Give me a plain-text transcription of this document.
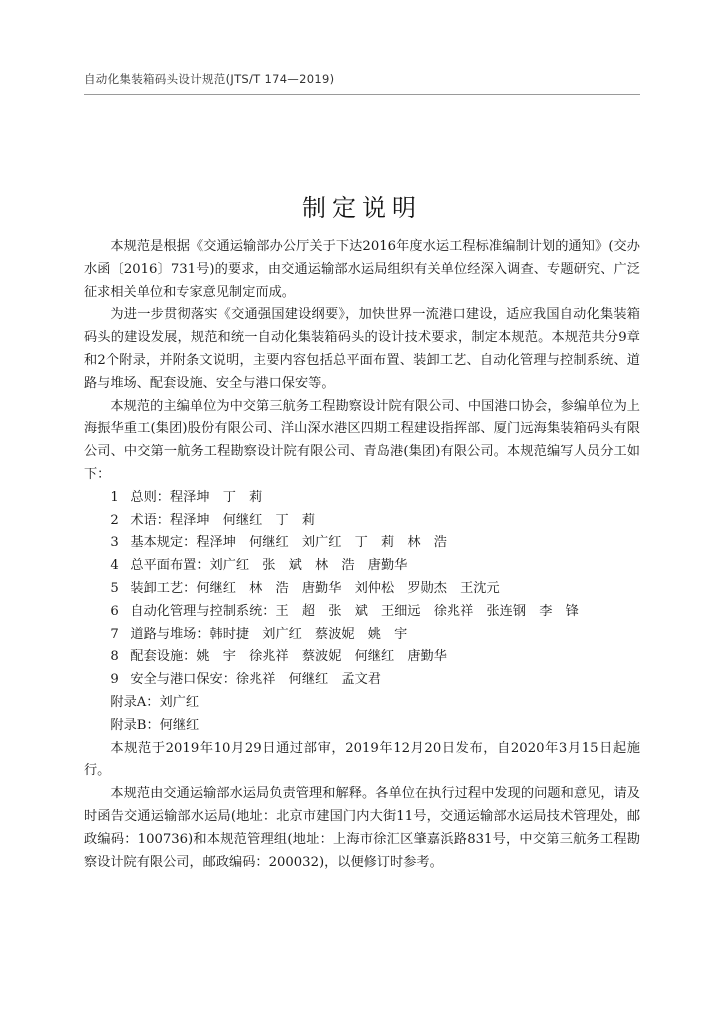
自动化集装箱码头设计规范(JTS/T 174—2019)
制定说明

本规范是根据《交通运输部办公厅关于下达2016年度水运工程标准编制计划的通知》(交办水函〔2016〕731号)的要求，由交通运输部水运局组织有关单位经深入调查、专题研究、广泛征求相关单位和专家意见制定而成。

为进一步贯彻落实《交通强国建设纲要》，加快世界一流港口建设，适应我国自动化集装箱码头的建设发展，规范和统一自动化集装箱码头的设计技术要求，制定本规范。本规范共分9章和2个附录，并附条文说明，主要内容包括总平面布置、装卸工艺、自动化管理与控制系统、道路与堆场、配套设施、安全与港口保安等。

本规范的主编单位为中交第三航务工程勘察设计院有限公司、中国港口协会，参编单位为上海振华重工(集团)股份有限公司、洋山深水港区四期工程建设指挥部、厦门远海集装箱码头有限公司、中交第一航务工程勘察设计院有限公司、青岛港(集团)有限公司。本规范编写人员分工如下：

1 总则：程泽坤　丁　莉
2 术语：程泽坤　何继红　丁　莉
3 基本规定：程泽坤　何继红　刘广红　丁　莉　林　浩
4 总平面布置：刘广红　张　斌　林　浩　唐勤华
5 装卸工艺：何继红　林　浩　唐勤华　刘仲松　罗勋杰　王沈元
6 自动化管理与控制系统：王　超　张　斌　王细远　徐兆祥　张连钢　李　锋
7 道路与堆场：韩时捷　刘广红　蔡波妮　姚　宇
8 配套设施：姚　宇　徐兆祥　蔡波妮　何继红　唐勤华
9 安全与港口保安：徐兆祥　何继红　孟文君
附录A：刘广红
附录B：何继红

本规范于2019年10月29日通过部审，2019年12月20日发布，自2020年3月15日起施行。

本规范由交通运输部水运局负责管理和解释。各单位在执行过程中发现的问题和意见，请及时函告交通运输部水运局(地址：北京市建国门内大街11号，交通运输部水运局技术管理处，邮政编码：100736)和本规范管理组(地址：上海市徐汇区肇嘉浜路831号，中交第三航务工程勘察设计院有限公司，邮政编码：200032)，以便修订时参考。
